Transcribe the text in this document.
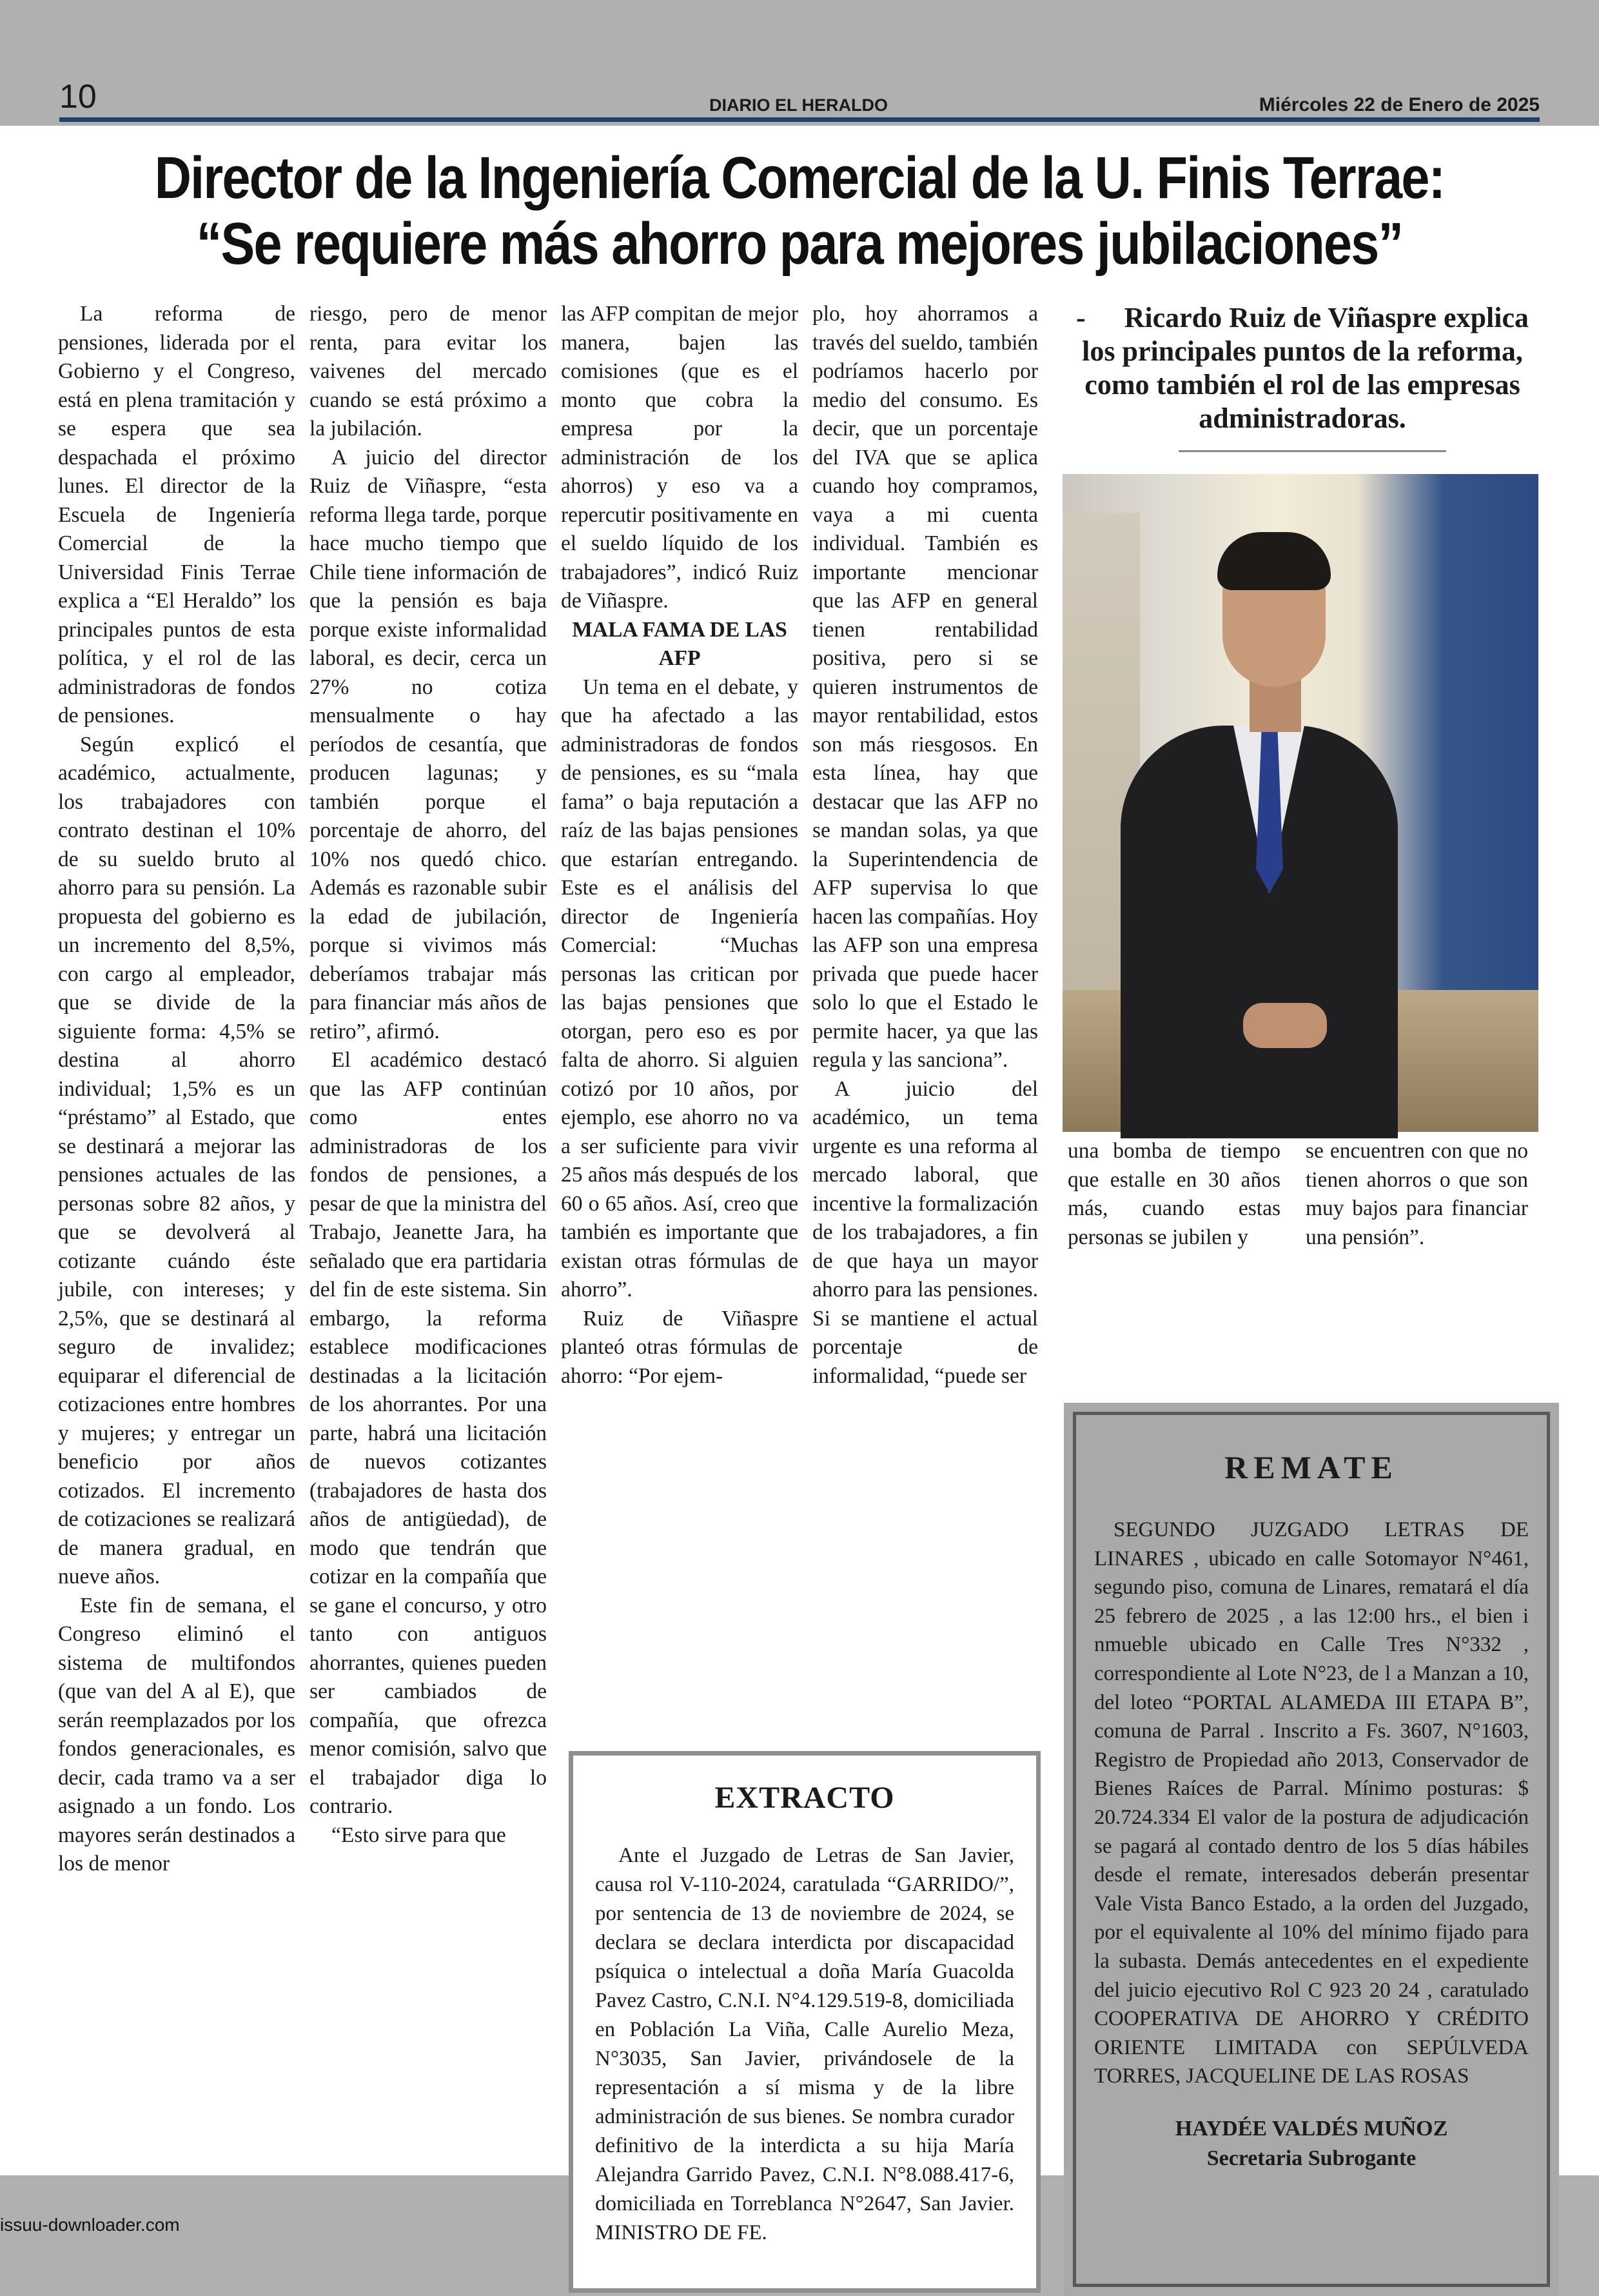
10	DIARIO EL HERALDO	Miércoles 22 de Enero de 2025
Director de la Ingeniería Comercial de la U. Finis Terrae:
“Se requiere más ahorro para mejores jubilaciones”

La reforma de pensiones, liderada por el Gobierno y el Congreso, está en plena tramitación y se espera que sea despachada el próximo lunes. El director de la Escuela de Ingeniería Comercial de la Universidad Finis Terrae explica a “El Heraldo” los principales puntos de esta política, y el rol de las administradoras de fondos de pensiones.

Según explicó el académico, actualmente, los trabajadores con contrato destinan el 10% de su sueldo bruto al ahorro para su pensión. La propuesta del gobierno es un incremento del 8,5%, con cargo al empleador, que se divide de la siguiente forma: 4,5% se destina al ahorro individual; 1,5% es un “préstamo” al Estado, que se destinará a mejorar las pensiones actuales de las personas sobre 82 años, y que se devolverá al cotizante cuándo éste jubile, con intereses; y 2,5%, que se destinará al seguro de invalidez; equiparar el diferencial de cotizaciones entre hombres y mujeres; y entregar un beneficio por años cotizados. El incremento de cotizaciones se realizará de manera gradual, en nueve años.

Este fin de semana, el Congreso eliminó el sistema de multifondos (que van del A al E), que serán reemplazados por los fondos generacionales, es decir, cada tramo va a ser asignado a un fondo. Los mayores serán destinados a los de menor

riesgo, pero de menor renta, para evitar los vaivenes del mercado cuando se está próximo a la jubilación.

A juicio del director Ruiz de Viñaspre, “esta reforma llega tarde, porque hace mucho tiempo que Chile tiene información de que la pensión es baja porque existe informalidad laboral, es decir, cerca un 27% no cotiza mensualmente o hay períodos de cesantía, que producen lagunas; y también porque el porcentaje de ahorro, del 10% nos quedó chico. Además es razonable subir la edad de jubilación, porque si vivimos más deberíamos trabajar más para financiar más años de retiro”, afirmó.

El académico destacó que las AFP continúan como entes administradoras de los fondos de pensiones, a pesar de que la ministra del Trabajo, Jeanette Jara, ha señalado que era partidaria del fin de este sistema. Sin embargo, la reforma establece modificaciones destinadas a la licitación de los ahorrantes. Por una parte, habrá una licitación de nuevos cotizantes (trabajadores de hasta dos años de antigüedad), de modo que tendrán que cotizar en la compañía que se gane el concurso, y otro tanto con antiguos ahorrantes, quienes pueden ser cambiados de compañía, que ofrezca menor comisión, salvo que el trabajador diga lo contrario.

“Esto sirve para que

las AFP compitan de mejor manera, bajen las comisiones (que es el monto que cobra la empresa por la administración de los ahorros) y eso va a repercutir positivamente en el sueldo líquido de los trabajadores”, indicó Ruiz de Viñaspre.

MALA FAMA DE LAS AFP

Un tema en el debate, y que ha afectado a las administradoras de fondos de pensiones, es su “mala fama” o baja reputación a raíz de las bajas pensiones que estarían entregando. Este es el análisis del director de Ingeniería Comercial: “Muchas personas las critican por las bajas pensiones que otorgan, pero eso es por falta de ahorro. Si alguien cotizó por 10 años, por ejemplo, ese ahorro no va a ser suficiente para vivir 25 años más después de los 60 o 65 años. Así, creo que también es importante que existan otras fórmulas de ahorro”.

Ruiz de Viñaspre planteó otras fórmulas de ahorro: “Por ejem-

plo, hoy ahorramos a través del sueldo, también podríamos hacerlo por medio del consumo. Es decir, que un porcentaje del IVA que se aplica cuando hoy compramos, vaya a mi cuenta individual. También es importante mencionar que las AFP en general tienen rentabilidad positiva, pero si se quieren instrumentos de mayor rentabilidad, estos son más riesgosos. En esta línea, hay que destacar que las AFP no se mandan solas, ya que la Superintendencia de AFP supervisa lo que hacen las compañías. Hoy las AFP son una empresa privada que puede hacer solo lo que el Estado le permite hacer, ya que las regula y las sanciona”.

A juicio del académico, un tema urgente es una reforma al mercado laboral, que incentive la formalización de los trabajadores, a fin de que haya un mayor ahorro para las pensiones. Si se mantiene el actual porcentaje de informalidad, “puede ser

- Ricardo Ruiz de Viñaspre explica los principales puntos de la reforma, como también el rol de las empresas administradoras.

una bomba de tiempo que estalle en 30 años más, cuando estas personas se jubilen y

se encuentren con que no tienen ahorros o que son muy bajos para financiar una pensión”.

REMATE

SEGUNDO JUZGADO LETRAS DE LINARES , ubicado en calle Sotomayor N°461, segundo piso, comuna de Linares, rematará el día 25 febrero de 2025 , a las 12:00 hrs., el bien i nmueble ubicado en Calle Tres N°332 , correspondiente al Lote N°23, de l a Manzan a 10, del loteo “PORTAL ALAMEDA III ETAPA B”, comuna de Parral . Inscrito a Fs. 3607, N°1603, Registro de Propiedad año 2013, Conservador de Bienes Raíces de Parral. Mínimo posturas: $ 20.724.334 El valor de la postura de adjudicación se pagará al contado dentro de los 5 días hábiles desde el remate, interesados deberán presentar Vale Vista Banco Estado, a la orden del Juzgado, por el equivalente al 10% del mínimo fijado para la subasta. Demás antecedentes en el expediente del juicio ejecutivo Rol C 923 20 24 , caratulado COOPERATIVA DE AHORRO Y CRÉDITO ORIENTE LIMITADA con SEPÚLVEDA TORRES, JACQUELINE DE LAS ROSAS

HAYDÉE VALDÉS MUÑOZ
Secretaria Subrogante

EXTRACTO

Ante el Juzgado de Letras de San Javier, causa rol V-110-2024, caratulada “GARRIDO/”, por sentencia de 13 de noviembre de 2024, se declara se declara interdicta por discapacidad psíquica o intelectual a doña María Guacolda Pavez Castro, C.N.I. N°4.129.519-8, domiciliada en Población La Viña, Calle Aurelio Meza, N°3035, San Javier, privándosele de la representación a sí misma y de la libre administración de sus bienes. Se nombra curador definitivo de la interdicta a su hija María Alejandra Garrido Pavez, C.N.I. N°8.088.417-6, domiciliada en Torreblanca N°2647, San Javier. MINISTRO DE FE.

issuu-downloader.com
